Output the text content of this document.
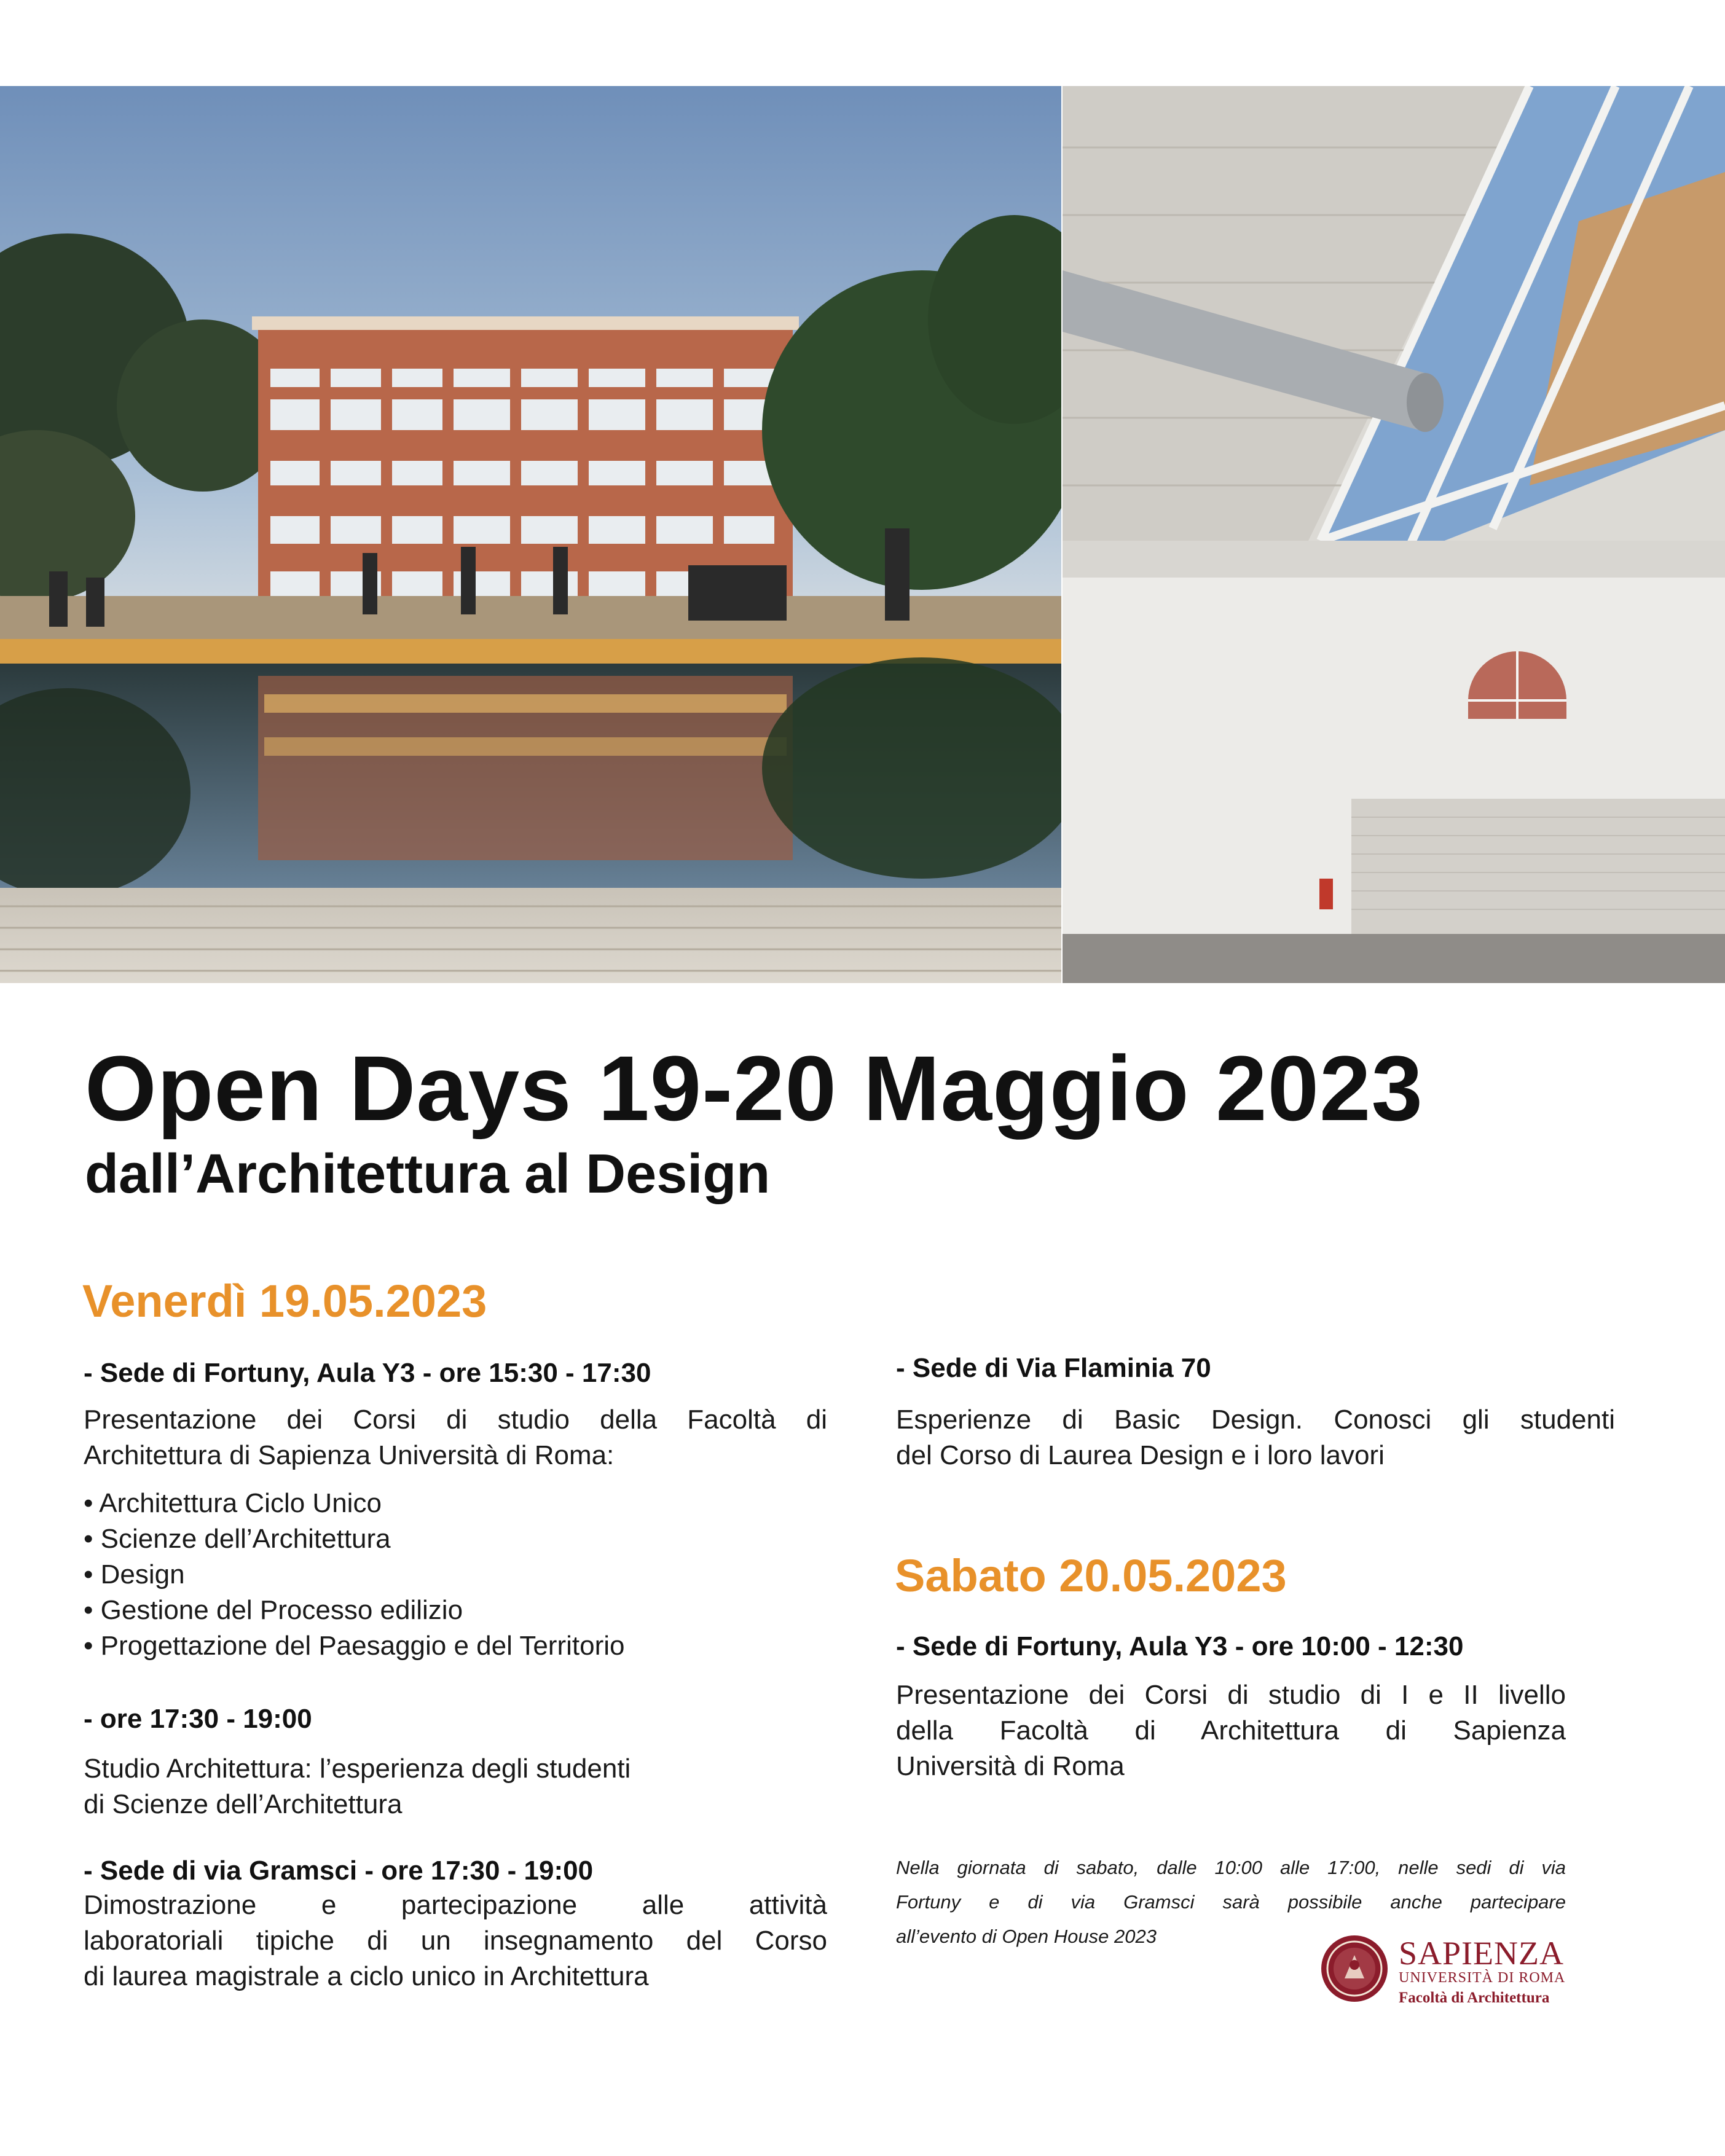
Open Days 19-20 Maggio 2023
dall’Architettura al Design
Venerdì 19.05.2023

- Sede di Fortuny, Aula Y3 - ore 15:30 - 17:30

Presentazione dei Corsi di studio della Facoltà di

Architettura di Sapienza Università di Roma:

• Architettura Ciclo Unico
• Scienze dell’Architettura
• Design
• Gestione del Processo edilizio
• Progettazione del Paesaggio e del Territorio

- ore 17:30 - 19:00

Studio Architettura: l’esperienza degli studenti

di Scienze dell’Architettura

- Sede di via Gramsci - ore 17:30 - 19:00

Dimostrazione e partecipazione alle attività

laboratoriali tipiche di un insegnamento del Corso

di laurea magistrale a ciclo unico in Architettura

- Sede di Via Flaminia 70

Esperienze di Basic Design. Conosci gli studenti

del Corso di Laurea Design e i loro lavori

Sabato 20.05.2023

- Sede di Fortuny, Aula Y3 - ore 10:00 - 12:30

Presentazione dei Corsi di studio di I e II livello

della Facoltà di Architettura di Sapienza

Università di Roma

Nella giornata di sabato, dalle 10:00 alle 17:00, nelle sedi di via
Fortuny e di via Gramsci sarà possibile anche partecipare
all’evento di Open House 2023	SAPIENZA
UNIVERSITÀ DI ROMA
Facoltà di Architettura
